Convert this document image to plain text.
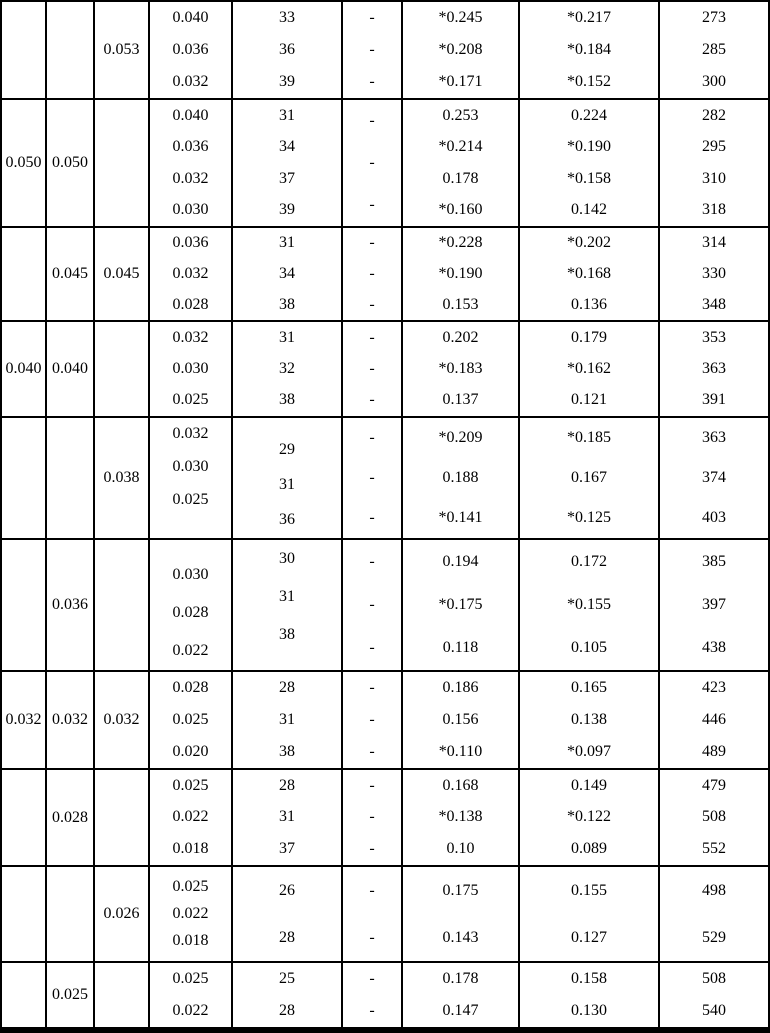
0.053
0.040
0.036
0.032
33
36
39
-
-
-
*0.245
*0.208
*0.171
*0.217
*0.184
*0.152
273
285
300
0.050 0.050
0.040
0.036
0.032
0.030
31
34
37
39
-
-
-
0.253
*0.214
0.178
*0.160
0.224
*0.190
*0.158
0.142
282
295
310
318
0.045 0.045
0.036
0.032
0.028
31
34
38
-
-
-
*0.228
*0.190
0.153
*0.202
*0.168
0.136
314
330
348
0.040 0.040
0.032
0.030
0.025
31
32
38
-
-
-
0.202
*0.183
0.137
0.179
*0.162
0.121
353
363
391
0.038
0.032
0.030
0.025
29
31
36
-
-
-
*0.209
0.188
*0.141
*0.185
0.167
*0.125
363
374
403
0.036
0.030
0.028
0.022
30
31
38
-
-
-
0.194
*0.175
0.118
0.172
*0.155
0.105
385
397
438
0.032 0.032 0.032
0.028
0.025
0.020
28
31
38
-
-
-
0.186
0.156
*0.110
0.165
0.138
*0.097
423
446
489
0.028
0.025
0.022
0.018
28
31
37
-
-
-
0.168
*0.138
0.10
0.149
*0.122
0.089
479
508
552
0.026
0.025
0.022
0.018
26
28
-
-
0.175
0.143
0.155
0.127
498
529
0.025
0.025
0.022
25
28
-
-
0.178
0.147
0.158
0.130
508
540
